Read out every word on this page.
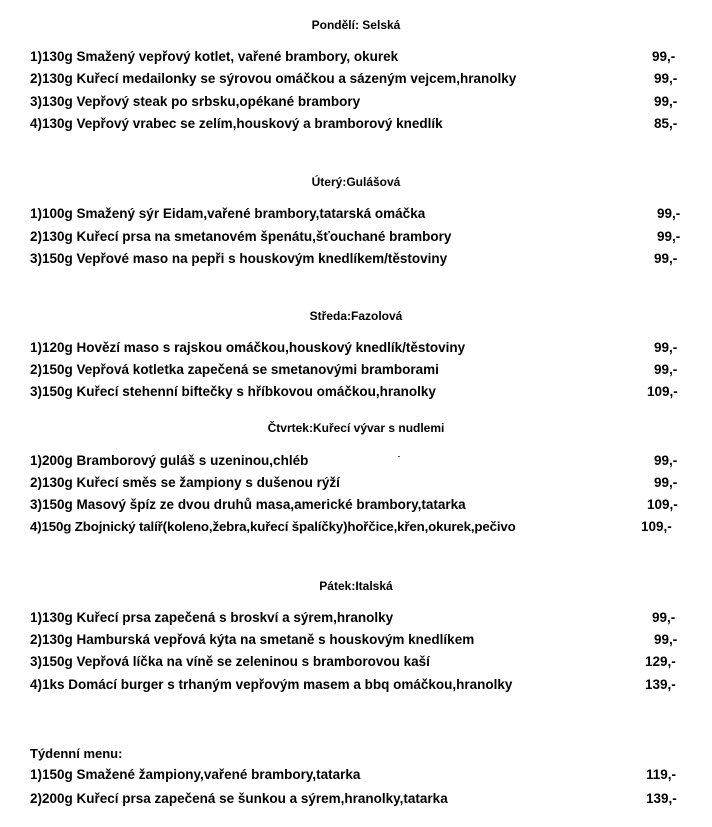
Pondělí: Selská
1)130g Smažený vepřový kotlet, vařené brambory, okurek	99,-
2)130g Kuřecí medailonky se sýrovou omáčkou a sázeným vejcem,hranolky	99,-
3)130g Vepřový steak po srbsku,opékané brambory	99,-
4)130g Vepřový vrabec se zelím,houskový a bramborový knedlík	85,-
Úterý:Gulášová
1)100g Smažený sýr Eidam,vařené brambory,tatarská omáčka	99,-
2)130g Kuřecí prsa na smetanovém špenátu,šťouchané brambory	99,-
3)150g Vepřové maso na pepři s houskovým knedlíkem/těstoviny	99,-
Středa:Fazolová
1)120g Hovězí maso s rajskou omáčkou,houskový knedlík/těstoviny	99,-
2)150g Vepřová kotletka zapečená se smetanovými bramborami	99,-
3)150g Kuřecí stehenní biftečky s hříbkovou omáčkou,hranolky	109,-
Čtvrtek:Kuřecí vývar s nudlemi
1)200g Bramborový guláš s uzeninou,chléb	99,-
2)130g Kuřecí směs se žampiony s dušenou rýží	99,-
3)150g Masový špíz ze dvou druhů masa,americké brambory,tatarka	109,-
4)150g Zbojnický talíř(koleno,žebra,kuřecí špalíčky)hořčice,křen,okurek,pečivo	109,-
Pátek:Italská
1)130g Kuřecí prsa zapečená s broskví a sýrem,hranolky	99,-
2)130g Hamburská vepřová kýta na smetaně s houskovým knedlíkem	99,-
3)150g Vepřová líčka na víně se zeleninou s bramborovou kaší	129,-
4)1ks Domácí burger s trhaným vepřovým masem a bbq omáčkou,hranolky	139,-
Týdenní menu:
1)150g Smažené žampiony,vařené brambory,tatarka	119,-
2)200g Kuřecí prsa zapečená se šunkou a sýrem,hranolky,tatarka	139,-
